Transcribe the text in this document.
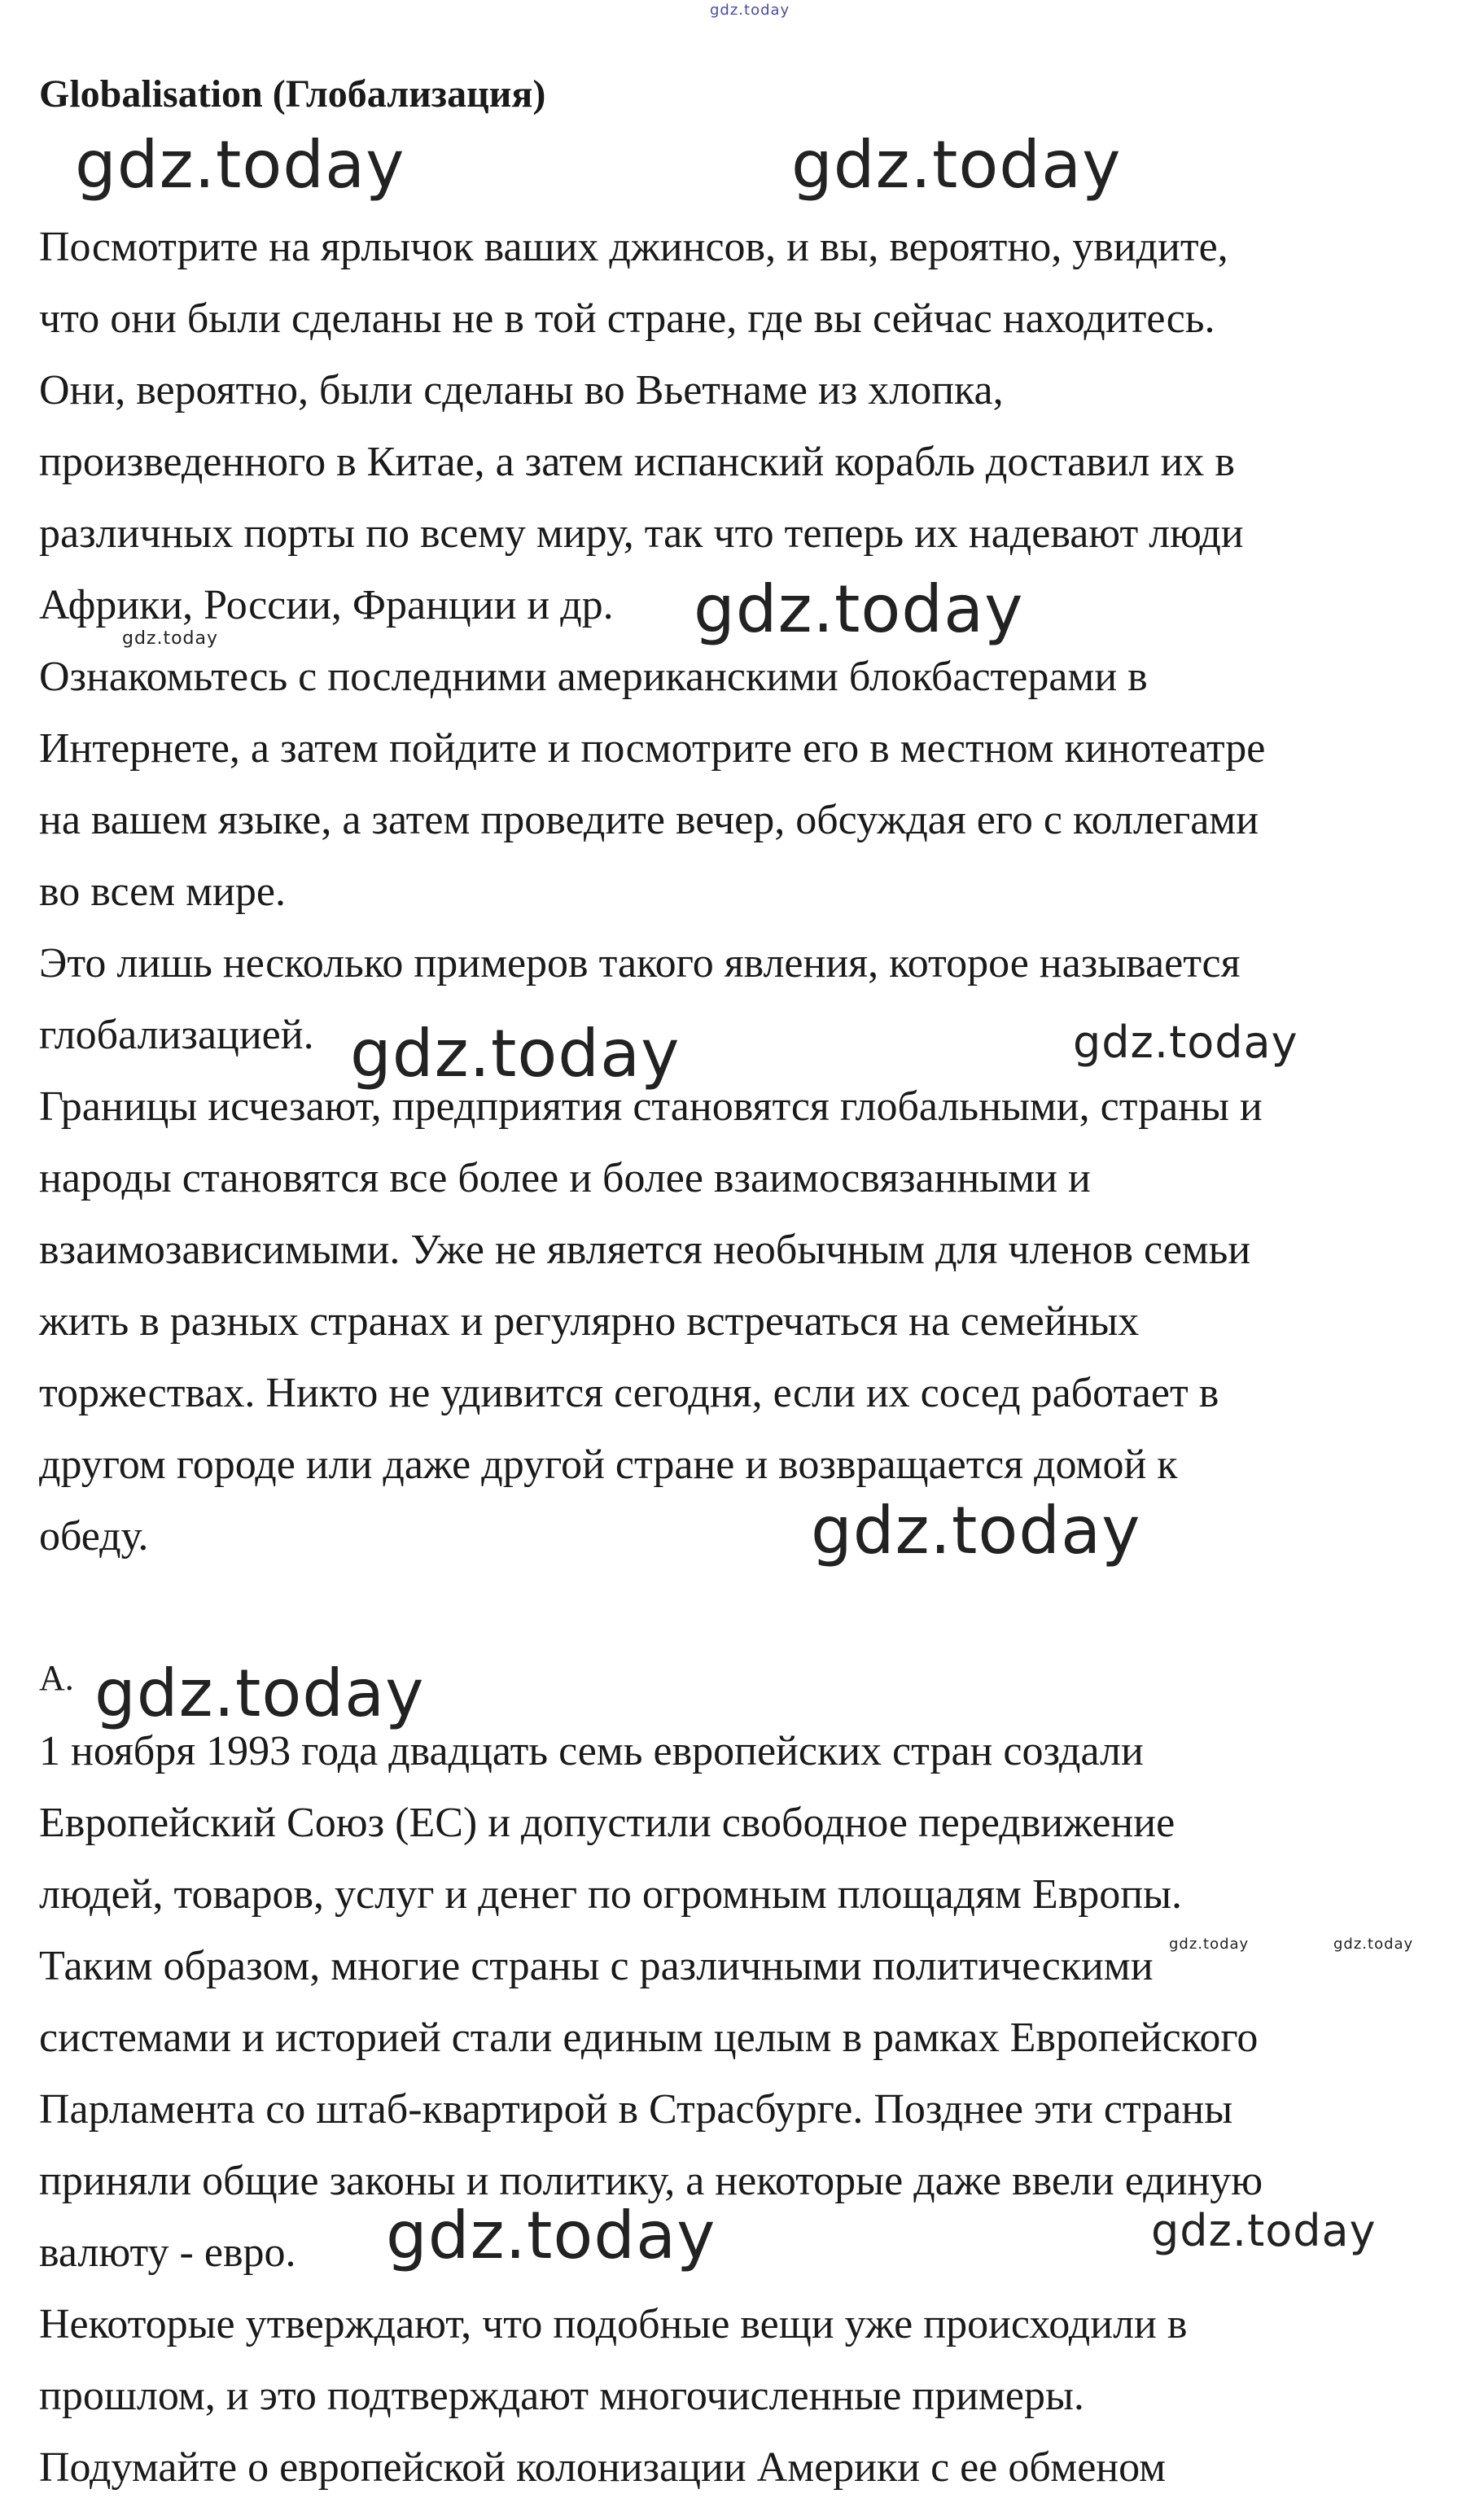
gdz.today
Globalisation (Глобализация)
gdz.today	gdz.today
Посмотрите на ярлычок ваших джинсов, и вы, вероятно, увидите,
что они были сделаны не в той стране, где вы сейчас находитесь.
Они, вероятно, были сделаны во Вьетнаме из хлопка,
произведенного в Китае, а затем испанский корабль доставил их в
различных порты по всему миру, так что теперь их надевают люди
Африки, России, Франции и др. gdz.today
gdz.today
Ознакомьтесь с последними американскими блокбастерами в
Интернете, а затем пойдите и посмотрите его в местном кинотеатре
на вашем языке, а затем проведите вечер, обсуждая его с коллегами
во всем мире.
Это лишь несколько примеров такого явления, которое называется
глобализацией. gdz.today	gdz.today
Границы исчезают, предприятия становятся глобальными, страны и
народы становятся все более и более взаимосвязанными и
взаимозависимыми. Уже не является необычным для членов семьи
жить в разных странах и регулярно встречаться на семейных
торжествах. Никто не удивится сегодня, если их сосед работает в
другом городе или даже другой стране и возвращается домой к
обеду.	gdz.today
A. gdz.today
1 ноября 1993 года двадцать семь европейских стран создали
Европейский Союз (ЕС) и допустили свободное передвижение
людей, товаров, услуг и денег по огромным площадям Европы.
gdz.today	gdz.today
Таким образом, многие страны с различными политическими
системами и историей стали единым целым в рамках Европейского
Парламента со штаб-квартирой в Страсбурге. Позднее эти страны
приняли общие законы и политику, а некоторые даже ввели единую
валюту - евро. gdz.today	gdz.today
Некоторые утверждают, что подобные вещи уже происходили в
прошлом, и это подтверждают многочисленные примеры.
Подумайте о европейской колонизации Америки с ее обменом
